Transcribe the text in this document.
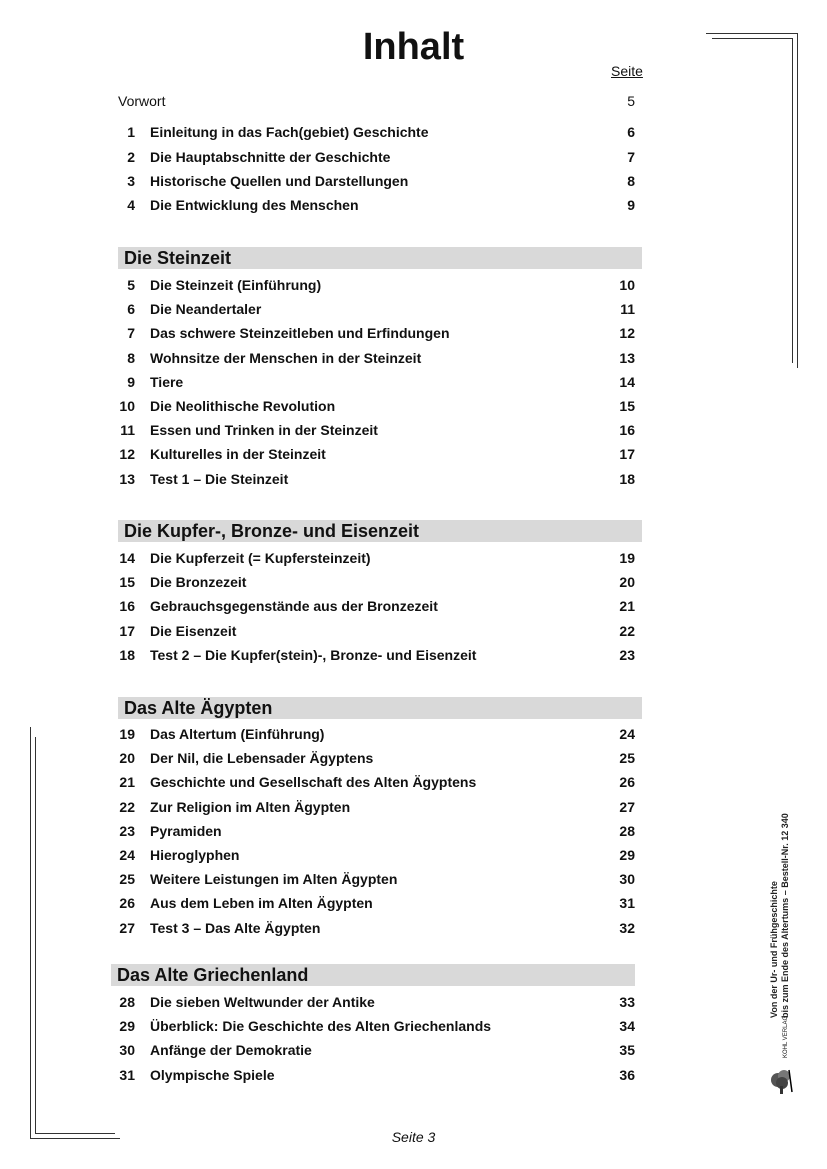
Inhalt
Seite
Vorwort	5
1 Einleitung in das Fach(gebiet) Geschichte	6
2 Die Hauptabschnitte der Geschichte	7
3 Historische Quellen und Darstellungen	8
4 Die Entwicklung des Menschen	9
Die Steinzeit
5 Die Steinzeit (Einführung)	10
6 Die Neandertaler	11
7 Das schwere Steinzeitleben und Erfindungen	12
8 Wohnsitze der Menschen in der Steinzeit	13
9 Tiere	14
10 Die Neolithische Revolution	15
11 Essen und Trinken in der Steinzeit	16
12 Kulturelles in der Steinzeit	17
13 Test 1 – Die Steinzeit	18
Die Kupfer-, Bronze- und Eisenzeit
14 Die Kupferzeit (= Kupfersteinzeit)	19
15 Die Bronzezeit	20
16 Gebrauchsgegenstände aus der Bronzezeit	21
17 Die Eisenzeit	22
18 Test 2 – Die Kupfer(stein)-, Bronze- und Eisenzeit	23
Das Alte Ägypten
19 Das Altertum (Einführung)	24
20 Der Nil, die Lebensader Ägyptens	25
21 Geschichte und Gesellschaft des Alten Ägyptens	26
22 Zur Religion im Alten Ägypten	27
23 Pyramiden	28
24 Hieroglyphen	29
25 Weitere Leistungen im Alten Ägypten	30
26 Aus dem Leben im Alten Ägypten	31
27 Test 3 – Das Alte Ägypten	32
Das Alte Griechenland
28 Die sieben Weltwunder der Antike	33
29 Überblick: Die Geschichte des Alten Griechenlands	34
30 Anfänge der Demokratie	35
31 Olympische Spiele	36
Seite 3
Von der Ur- und Frühgeschichte bis zum Ende des Altertums – Bestell-Nr. 12 340
KOHL VERLAG
